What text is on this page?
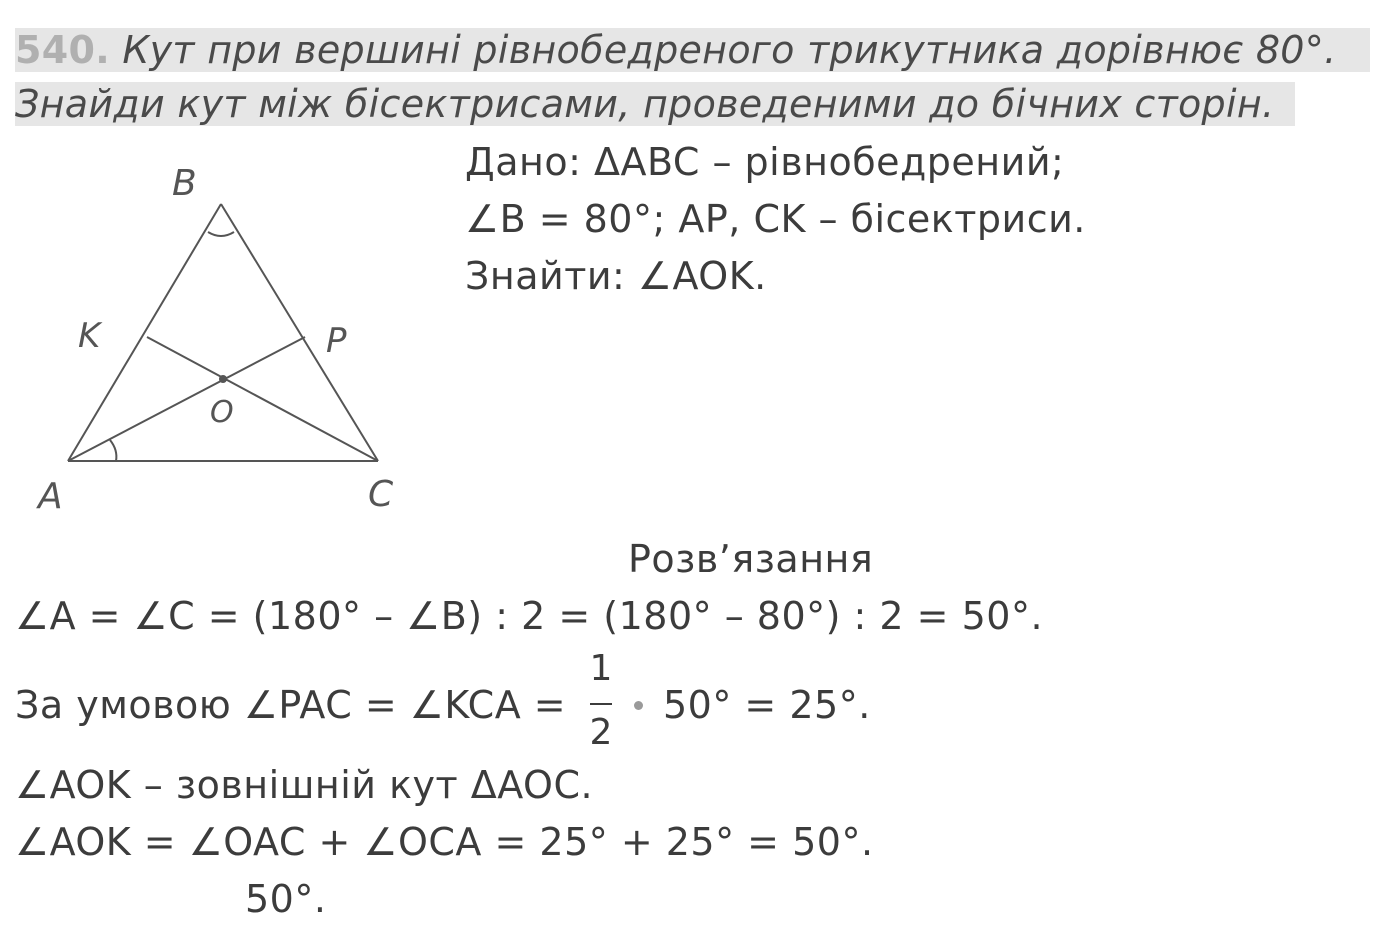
540. Кут при вершині рівнобедреного трикутника дорівнює 80°.
Знайди кут між бісектрисами, проведеними до бічних сторін.
B
K	P
O
A	C
Дано: ΔABC – рівнобедрений;
∠B = 80°; AP, CK – бісектриси.
Знайти: ∠AOK.
Розв’язання
∠A = ∠C = (180° – ∠B) : 2 = (180° – 80°) : 2 = 50°.
За умовою ∠PAC = ∠KCA =
1
2
50° = 25°.
∠AOK – зовнішній кут ΔAOC.
∠AOK = ∠OAC + ∠OCA = 25° + 25° = 50°.
50°.
